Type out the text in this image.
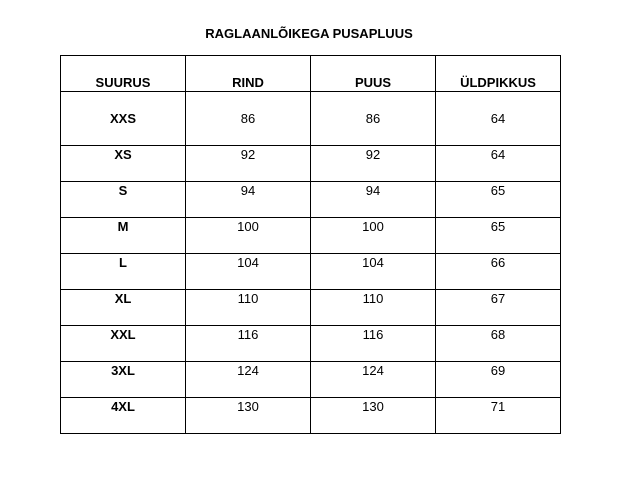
RAGLAANLÕIKEGA PUSAPLUUS
SUURUS	RIND	PUUS	ÜLDPIKKUS
XXS	86	86	64
XS	92	92	64
S	94	94	65
M	100	100	65
L	104	104	66
XL	110	110	67
XXL	116	116	68
3XL	124	124	69
4XL	130	130	71
